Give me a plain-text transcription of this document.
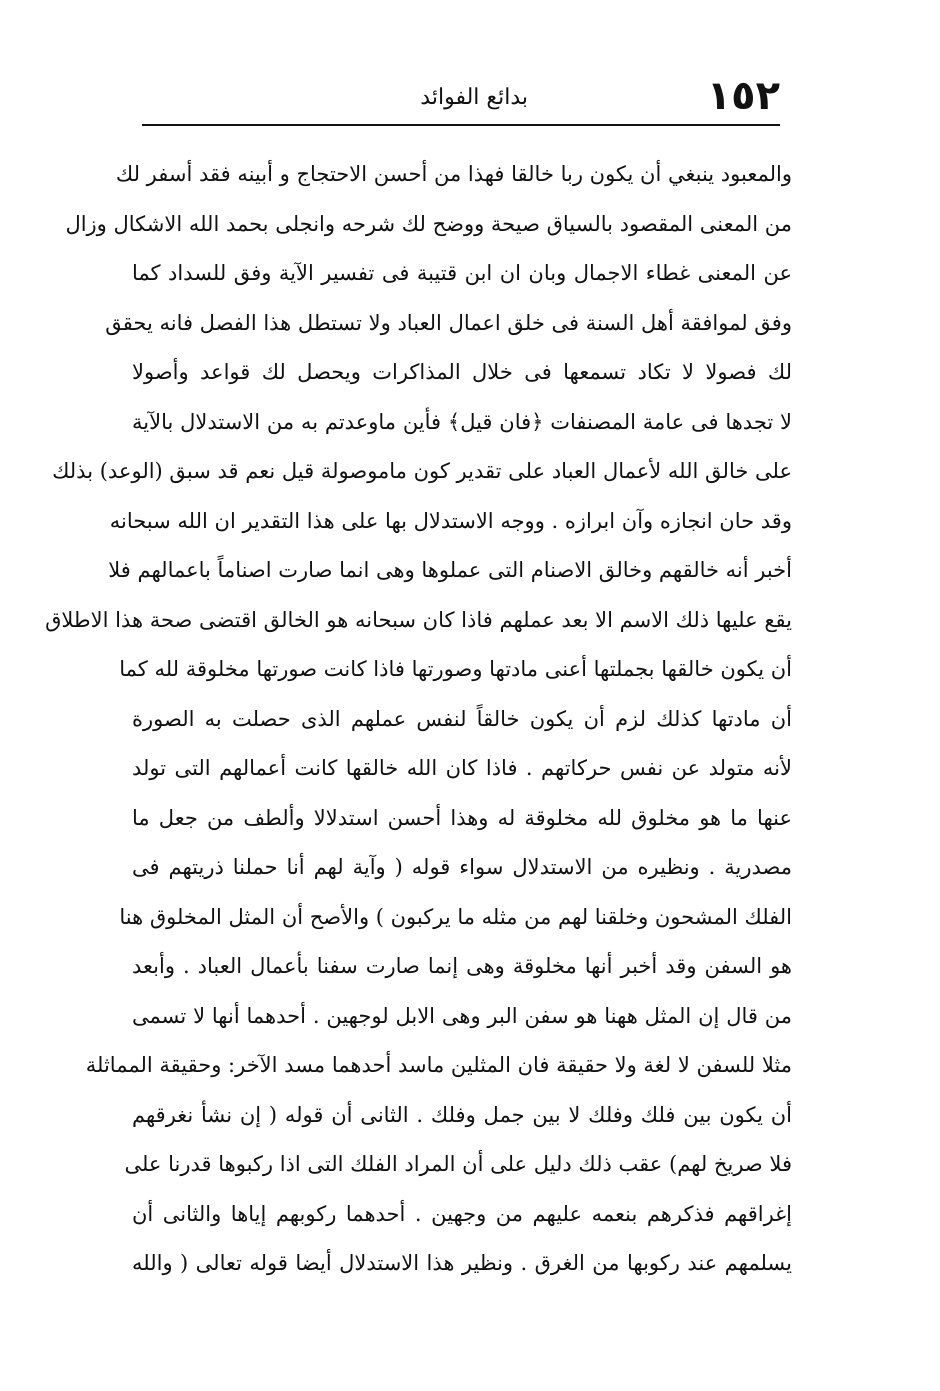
١٥٢
بدائع الفوائد
والمعبود ينبغي أن يكون ربا خالقا فهذا من أحسن الاحتجاج و أبينه فقد أسفر لك
من المعنى المقصود بالسياق صيحة ووضح لك شرحه وانجلى بحمد الله الاشكال وزال
عن المعنى غطاء الاجمال وبان ان ابن قتيبة فى تفسير الآية وفق للسداد كما
وفق لموافقة أهل السنة فى خلق اعمال العباد ولا تستطل هذا الفصل فانه يحقق
لك فصولا لا تكاد تسمعها فى خلال المذاكرات ويحصل لك قواعد وأصولا
لا تجدها فى عامة المصنفات ﴿فان قيل﴾ فأين ماوعدتم به من الاستدلال بالآية
على خالق الله لأعمال العباد على تقدير كون ماموصولة قيل نعم قد سبق (الوعد) بذلك
وقد حان انجازه وآن ابرازه . ووجه الاستدلال بها على هذا التقدير ان الله سبحانه
أخبر أنه خالقهم وخالق الاصنام التى عملوها وهى انما صارت اصناماً باعمالهم فلا
يقع عليها ذلك الاسم الا بعد عملهم فاذا كان سبحانه هو الخالق اقتضى صحة هذا الاطلاق
أن يكون خالقها بجملتها أعنى مادتها وصورتها فاذا كانت صورتها مخلوقة لله كما
أن مادتها كذلك لزم أن يكون خالقاً لنفس عملهم الذى حصلت به الصورة
لأنه متولد عن نفس حركاتهم . فاذا كان الله خالقها كانت أعمالهم التى تولد
عنها ما هو مخلوق لله مخلوقة له وهذا أحسن استدلالا وألطف من جعل ما
مصدرية . ونظيره من الاستدلال سواء قوله ( وآية لهم أنا حملنا ذريتهم فى
الفلك المشحون وخلقنا لهم من مثله ما يركبون ) والأصح أن المثل المخلوق هنا
هو السفن وقد أخبر أنها مخلوقة وهى إنما صارت سفنا بأعمال العباد . وأبعد
من قال إن المثل ههنا هو سفن البر وهى الابل لوجهين . أحدهما أنها لا تسمى
مثلا للسفن لا لغة ولا حقيقة فان المثلين ماسد أحدهما مسد الآخر: وحقيقة المماثلة
أن يكون بين فلك وفلك لا بين جمل وفلك . الثانى أن قوله ( إن نشأ نغرقهم
فلا صريخ لهم) عقب ذلك دليل على أن المراد الفلك التى اذا ركبوها قدرنا على
إغراقهم فذكرهم بنعمه عليهم من وجهين . أحدهما ركوبهم إياها والثانى أن
يسلمهم عند ركوبها من الغرق . ونظير هذا الاستدلال أيضا قوله تعالى ( والله
